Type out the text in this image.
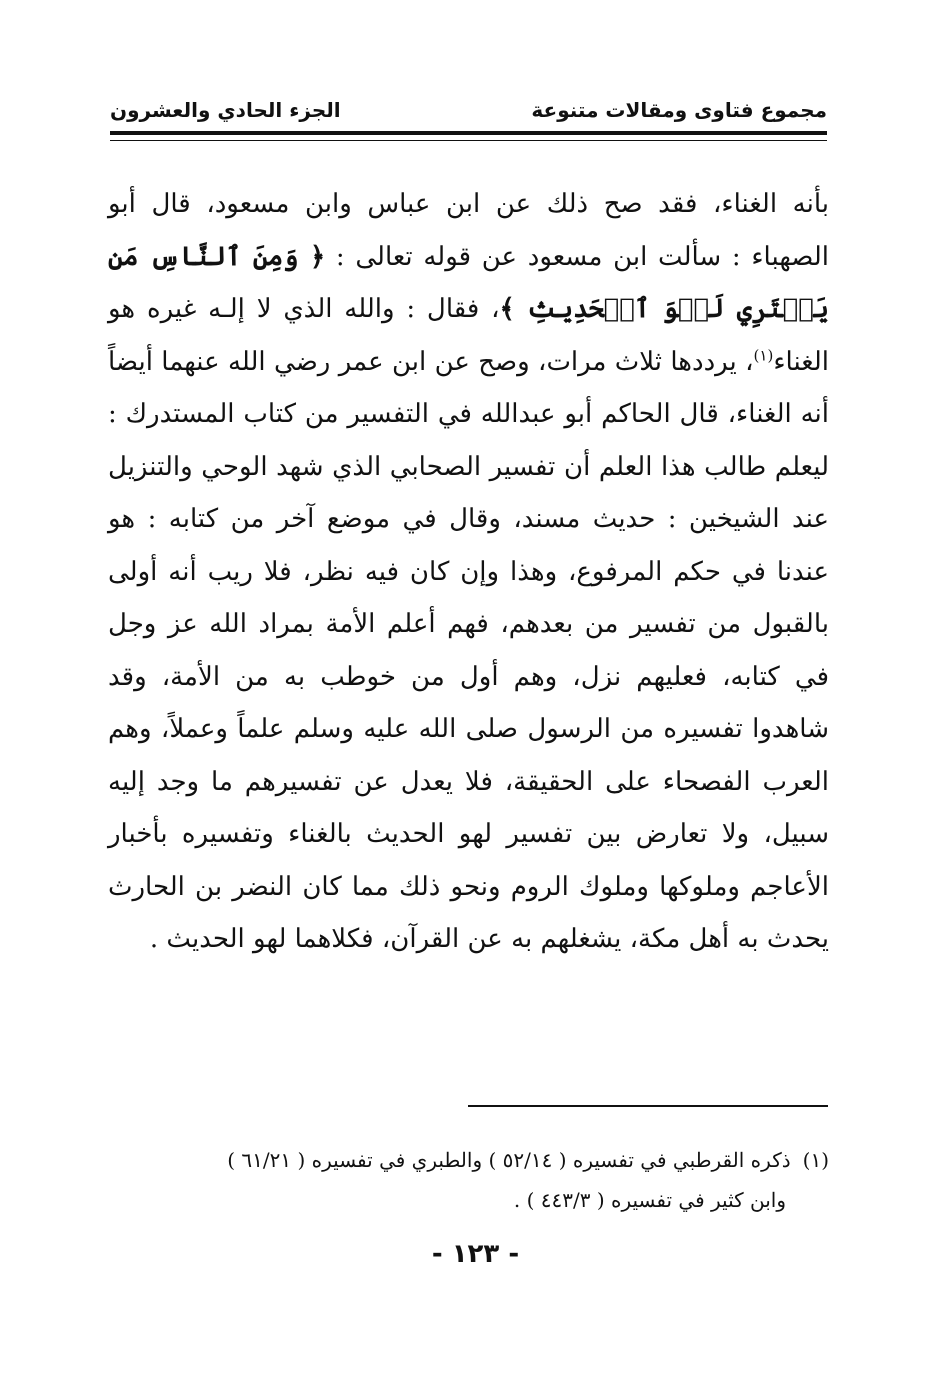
مجموع فتاوى ومقالات متنوعة
الجزء الحادي والعشرون

بأنه الغناء، فقد صح ذلك عن ابن عباس وابن مسعود، قال أبو الصهباء : سألت ابن مسعود عن قوله تعالى : ﴿ وَمِنَ ٱلنَّاسِ مَن يَشۡتَرِي لَهۡوَ ٱلۡحَدِيثِ ﴾، فقال : والله الذي لا إلـه غيره هو الغناء$^{(١)}$، يرددها ثلاث مرات، وصح عن ابن عمر رضي الله عنهما أيضاً أنه الغناء، قال الحاكم أبو عبدالله في التفسير من كتاب المستدرك : ليعلم طالب هذا العلم أن تفسير الصحابي الذي شهد الوحي والتنزيل عند الشيخين : حديث مسند، وقال في موضع آخر من كتابه : هو عندنا في حكم المرفوع، وهذا وإن كان فيه نظر، فلا ريب أنه أولى بالقبول من تفسير من بعدهم، فهم أعلم الأمة بمراد الله عز وجل في كتابه، فعليهم نزل، وهم أول من خوطب به من الأمة، وقد شاهدوا تفسيره من الرسول صلى الله عليه وسلم علماً وعملاً، وهم العرب الفصحاء على الحقيقة، فلا يعدل عن تفسيرهم ما وجد إليه سبيل، ولا تعارض بين تفسير لهو الحديث بالغناء وتفسيره بأخبار الأعاجم وملوكها وملوك الروم ونحو ذلك مما كان النضر بن الحارث يحدث به أهل مكة، يشغلهم به عن القرآن، فكلاهما لهو الحديث .

(١)ذكره القرطبي في تفسيره ( ٥٢/١٤ ) والطبري في تفسيره ( ٦١/٢١ )
وابن كثير في تفسيره ( ٤٤٣/٣ ) .
- ١٢٣ -
